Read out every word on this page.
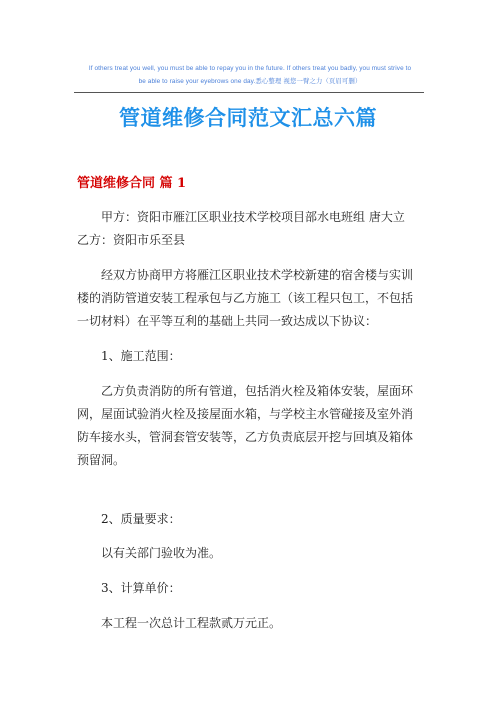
If others treat you well, you must be able to repay you in the future. If others treat you badly, you must strive to
be able to raise your eyebrows one day.悉心整理 视您一臂之力（页眉可删）
管道维修合同范文汇总六篇
管道维修合同 篇 1

甲方：资阳市雁江区职业技术学校项目部水电班组 唐大立

乙方：资阳市乐至县

经双方协商甲方将雁江区职业技术学校新建的宿舍楼与实训楼的消防管道安装工程承包与乙方施工（该工程只包工，不包括一切材料）在平等互利的基础上共同一致达成以下协议：

1、施工范围：

乙方负责消防的所有管道，包括消火栓及箱体安装，屋面环网，屋面试验消火栓及接屋面水箱，与学校主水管碰接及室外消防车接水头，管洞套管安装等，乙方负责底层开挖与回填及箱体预留洞。

2、质量要求：

以有关部门验收为准。

3、计算单价：

本工程一次总计工程款贰万元正。
